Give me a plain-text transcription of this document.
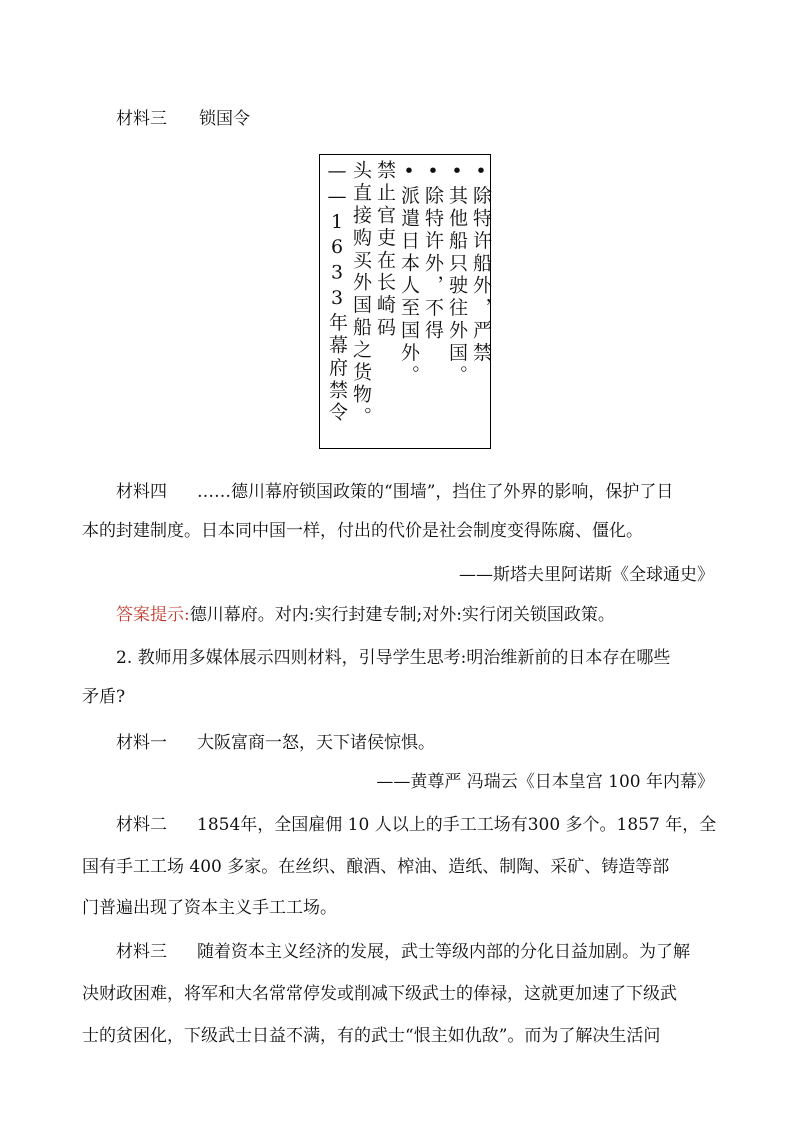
材料三 锁国令
•除特许船外，严禁
•其他船只驶往外国。
•除特许外，不得
•派遣日本人至国外。
禁止官吏在长崎码
头直接购买外国船之货物。
——1633年幕府禁令
材料四 ……德川幕府锁国政策的“围墙”，挡住了外界的影响，保护了日
本的封建制度。日本同中国一样，付出的代价是社会制度变得陈腐、僵化。
——斯塔夫里阿诺斯《全球通史》
答案提示:德川幕府。对内:实行封建专制;对外:实行闭关锁国政策。
2. 教师用多媒体展示四则材料，引导学生思考:明治维新前的日本存在哪些
矛盾?
材料一 大阪富商一怒，天下诸侯惊惧。
——黄尊严 冯瑞云《日本皇宫 100 年内幕》
材料二 1854年，全国雇佣 10 人以上的手工工场有300 多个。1857 年，全
国有手工工场 400 多家。在丝织、酿酒、榨油、造纸、制陶、采矿、铸造等部
门普遍出现了资本主义手工工场。
材料三 随着资本主义经济的发展，武士等级内部的分化日益加剧。为了解
决财政困难，将军和大名常常停发或削减下级武士的俸禄，这就更加速了下级武
士的贫困化，下级武士日益不满，有的武士“恨主如仇敌”。而为了解决生活问
